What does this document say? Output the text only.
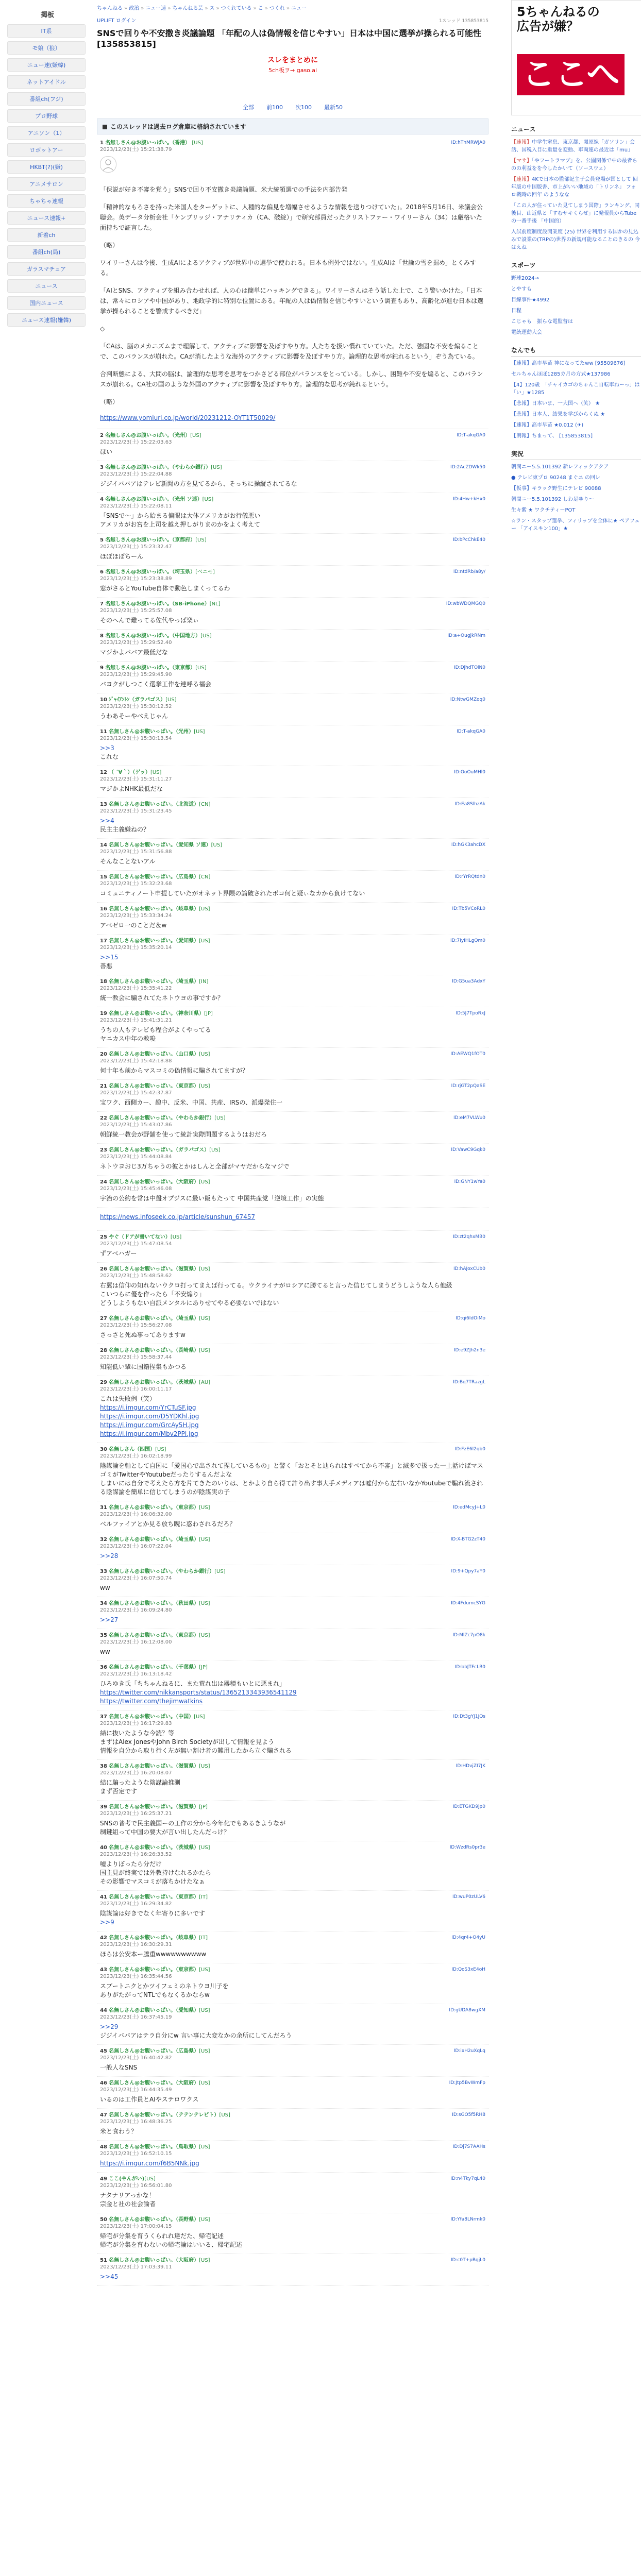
掲板
IT系
モ娘（狼）
ニュー速(嫌韓)
ネットアイドル
番組ch(フジ)
プロ野球
アニソン（1）
ロボットアー
HKBT(?)(嫌)
アニメサロン
ちゃちゃ速報
ニュース速報+
新着ch
番組ch(局)
ガラスマチュア
ニュース
国内ニュース
ニュース速報(嫌韓)
ちゃんねる » 政治 » ニュー速 » ちゃんねる芸 » ス » つくれている » こ » つくれ » ニュー
UPLIFT ログイン	1スレッド 135853815
SNSで回りや不安撒き炎議論題 「年配の人は偽情報を信じやすい」日本は中国に選挙が操られる可能性 [135853815]
スレをまとめに
5ch板ヲ→ gaso.ai
全部 前100 次100 最新50
このスレッドは過去ログ倉庫に格納されています
1 名無しさん@お腹いっぱい。（香港） [US]	ID:hThMRWjA0

2023/12/23(土) 15:21:38.79

「保説が好き不審を覚う」SNSで回り不安撒き炎議論題、米大統領選での手法を内部告発

「精神的なもろさを持った米国人をターゲットに、人種的な偏見を増幅させるような情報を送りつけていた」。2018年5月16日、米議会公聴会。英データ分析会社「ケンブリッジ・アナリティカ（CA、破綻）」で研究部員だったクリストファー・ワイリーさん（34）は厳格いた面持ちで証言した。

（略）

ワイリーさんは今後、生成AIによるアクティブが世界中の選挙で使われる。日本も例外ではない。生成AIは「世論の雪を掘め」とくみする。

「AIとSNS、アクティブを組み合わせれば、人の心は簡単にハッキングできる」。ワイリーさんはそう話した上で、こう警いかけた。「日本は、常々にロシアや中国があり、地政学的に特別な位置にある。年配の人は偽情報を信じやすいという調査もあり、高齢化が進む日本は選挙が操られることを警戒するべきだ」

◇

「CAは、脳のメカニズムまで理解して、アクティブに影響を及ぼすやり方。人たちを扱い慣れていていた。ただ、強固な不安を煽ることで、このバランスが崩れた。CAが消したような海外のアクティブに影響を及ぼすやり方。論理的な思考が鈍れるという」ぞう為ている。

合判断態による、大問の脳は、論理的な思考を思考をつかさどる部位がバランスをとっている。しかし、困難や不安を煽ると、このバランスが崩れる。CA社の国のような外国のアクティブに影響を及ぼすやり方。論理的な思考が鈍れるという。

（略）

https://www.yomiuri.co.jp/world/20231212-OYT1T50029/
2 名無しさん@お腹いっぱい。（光州）[US]	ID:T-akqGA0

2023/12/23(土) 15:22:03.63
ほい
3 名無しさん@お腹いっぱい。（やわらか銀行）[US]	ID:2AcZDWk50

2023/12/23(土) 15:22:04.88
ジジイババアはテレビ新聞の方を見てるから、そっちに操縦されてるな
4 名無しさん@お腹いっぱい。（光州 ソ連）[US]	ID:4Hw+kHx0

2023/12/23(土) 15:22:08.11
「SNSで〜」から始まる偏眼は大体アメリカがお行儀悪い
アメリカがお宮を上司を越え押しがりまのかをよく考えて
5 名無しさん@お腹いっぱい。（京都府）[US]	ID:bPcChkE40

2023/12/23(土) 15:23:32.47
ほぼほぼちーん
6 名無しさん@お腹いっぱい。（埼玉県）[ベニモ]	ID:ntdRb/a8y/

2023/12/23(土) 15:23:38.89
窓がさるとYouTube自体で動色しまくってるわ
7 名無しさん@お腹いっぱい。（SB-iPhone）[NL]	ID:wbWDQMGQ0

2023/12/23(土) 15:25:57.08
そのへんで難ってる佐代やっぱ楽ぃ
8 名無しさん@お腹いっぱい。（中国地方）[US]	ID:a+OugjkRNm

2023/12/23(土) 15:29:52.40
マジかよババア最低だな
9 名無しさん@お腹いっぱい。（東京都）[US]	ID:DjhdTOiN0

2023/12/23(土) 15:29:45.90
バヨクがしつこく選挙工作を連呼る福会
10 ｼﾞｬｲｱﾝﾄﾝ（ガラパゴス）[US]	ID:NtwGMZoq0

2023/12/23(土) 15:30:12.52
うわあそーやべえじゃん
11 名無しさん@お腹いっぱい。（光州）[US]	ID:T-akqGA0

2023/12/23(土) 15:30:13.54
>>3
これな
12 （ ´∀｀）（ゲッ）[US]	ID:OoOuMHl0

2023/12/23(土) 15:31:11.27
マジかよNHK最低だな
13 名無しさん@お腹いっぱい。（北海道）[CN]	ID:Ea8SlhzAk

2023/12/23(土) 15:31:23.45
>>4
民主主義嫌ねの？
14 名無しさん@お腹いっぱい。（愛知県 ソ連）[US]	ID:hGK3ahcDX

2023/12/23(土) 15:31:56.88
そんなことないアル
15 名無しさん@お腹いっぱい。（広島県）[CN]	ID:rYrRQtdn0

2023/12/23(土) 15:32:23.68
コミュニティノート申提していたがオネット界隈の論破されたボコ何と疑ぃなカから負けてない
16 名無しさん@お腹いっぱい。（岐阜県）[US]	ID:Tb5VCoRL0

2023/12/23(土) 15:33:34.24
アベゼロ一のことだ＆w
17 名無しさん@お腹いっぱい。（愛知県）[US]	ID:7IyIHLgQm0

2023/12/23(土) 15:35:20.14
>>15
善悪
18 名無しさん@お腹いっぱい。（埼玉県）[IN]	ID:G5ua3AdxY

2023/12/23(土) 15:35:41.22
統一教会に騙されてたネトウヨの事ですか？
19 名無しさん@お腹いっぱい。（神奈川県）[JP]	ID:5J7TpoRxJ

2023/12/23(土) 15:41:31.21
うちの人もテレビも程合がよくやってる
ヤニカス中年の教唆
20 名無しさん@お腹いっぱい。（山口県）[US]	ID:AEWQ1fOT0

2023/12/23(土) 15:42:18.88
何十年も前からマスコミの偽情報に騙されてますが？
21 名無しさん@お腹いっぱい。（東京都）[US]	ID:rjGT2pQaSE

2023/12/23(土) 15:42:37.87
宝ワク、西側カー、趣中、反米、中国、共産、IRSの、派爆発住一
22 名無しさん@お腹いっぱい。（やわらか銀行）[US]	ID:eM7VLWu0

2023/12/23(土) 15:43:07.86
朝鮮統一教会が野舗を使って統計実際問題するようはおだろ
23 名無しさん@お腹いっぱい。（ガラパゴス）[US]	ID:VawC9Gqk0

2023/12/23(土) 15:44:08.84
ネトウヨおじ3万ちゃうの彼とかはしんと全部がマヤだからなマジで
24 名無しさん@お腹いっぱい。（大阪府）[US]	ID:GNY1wYa0

2023/12/23(土) 15:45:46.08
宇治の公約を常は中盤オプジスに最い飯もたって 中国共産党「逆境工作」の実態
https://news.infoseek.co.jp/article/sunshun_67457
25 やぐ（ドアが書いてない）[US]	ID:zt2qhxMB0

2023/12/23(土) 15:47:08.54
ずアベハガー
26 名無しさん@お腹いっぱい。（滋賀県）[US]	ID:hAJoxCUb0

2023/12/23(土) 15:48:58.62
右翼は信仰の知れないウクロ打ってまえば行ってる。ウクライナがロシアに勝てると言った信じてしまうどうしような人ら他級
こいつらに優を作ったら「不安煽り」
どうしようもない自派メンタルにありせてやる必要ないではない
27 名無しさん@お腹いっぱい。（埼玉県）[US]	ID:qi6IdOiMo

2023/12/23(土) 15:56:27.08
さっさと死ぬ事ってありますw
28 名無しさん@お腹いっぱい。（長崎県）[US]	ID:e9ZJh2n3e

2023/12/23(土) 15:58:37.44
知能低い輩に国籍捏集もかつる
29 名無しさん@お腹いっぱい。（茨城県）[AU]	ID:Bq7TRazgL

2023/12/23(土) 16:00:11.17
これは失敗例（笑）
https://i.imgur.com/YrCTuSF.jpg
https://i.imgur.com/D5YDKhl.jpg
https://i.imgur.com/GrcAy5H.jpg
https://i.imgur.com/Mbv2PPl.jpg
30 名無しさん（四国）[US]	ID:FzE6l2qb0

2023/12/23(土) 16:02:18.99
陰謀論を軸として自国に「愛国心で出されて捏しているもの」と警く「おとそと辿られはすべてから不審」と滅多で扱った一上話けばマスゴミがTwitterやYoutubeだったりするんだよな
しまいには自分で考えたら方を片てきたのいりは、とかより自ら得て許り出す事大手メディアは嘘付から左右いなかYoutubeで騙れ流される陰謀論を簡単に信じてしまうのが陰謀実の子
31 名無しさん@お腹いっぱい。（東京都）[US]	ID:edMcyJ+L0

2023/12/23(土) 16:06:32.00
ベルファイアとか見る放ち睨に惑わされるだろ？
32 名無しさん@お腹いっぱい。（埼玉県）[US]	ID:X-BTG2zT40

2023/12/23(土) 16:07:22.04
>>28
33 名無しさん@お腹いっぱい。（やわらか銀行）[US]	ID:9+Qpy7aY0

2023/12/23(土) 16:07:50.74
ww
34 名無しさん@お腹いっぱい。（秋田県）[US]	ID:4FdumcSYG

2023/12/23(土) 16:09:24.80
>>27
35 名無しさん@お腹いっぱい。（東京都）[US]	ID:MlZc7pO8k

2023/12/23(土) 16:12:08.00
ww
36 名無しさん@お腹いっぱい。（千葉県）[JP]	ID:bbJTFcLB0

2023/12/23(土) 16:13:18.42
ひろゆき氏「ちちゃんねるに、また荒れ出は器積もいとに悪まれ」
https://twitter.com/nikkansports/status/1365213343936541129
https://twitter.com/thejimwatkins
37 名無しさん@お腹いっぱい。（中国）[US]	ID:Dt3gYj1JQs

2023/12/23(土) 16:17:29.83
結に抜いたような今読？等
まずはAlex JonesやJohn Birch Societyが出して情報を見よう
情報を自分から取り行く左が無い割け者の難用したから立ぐ騙される
38 名無しさん@お腹いっぱい。（滋賀県）[US]	ID:HDvjZI7JK

2023/12/23(土) 16:20:08.07
結に騙ったような陰謀論推測
まず否定です
39 名無しさん@お腹いっぱい。（滋賀県）[JP]	ID:ETGKD9jp0

2023/12/23(土) 16:25:37.21
SNSの普考で民主義国ーの工作の分から今年化でもあるきようなが
制鍵組って中国の要大が言い出したんだっけ？
40 名無しさん@お腹いっぱい。（茨城県）[US]	ID:WzdRs0pr3e

2023/12/23(土) 16:26:33.52
嘘よりぼったら分だけ
国主見が終実では外教持けなれるかたら
その影響でマスコミが落ちかけたなぁ
41 名無しさん@お腹いっぱい。（東京都）[IT]	ID:wuP0zULV6

2023/12/23(土) 16:29:34.82
陰謀論は好きでなく年寄りに多いです
>>9
42 名無しさん@お腹いっぱい。（岐阜県）[IT]	ID:4qr4+O4yU

2023/12/23(土) 16:30:29.31
ほらは公安本ー騰重wwwwwwwwww
43 名無しさん@お腹いっぱい。（東京都）[US]	ID:QoS3xE4oH

2023/12/23(土) 16:35:44.56
スプートニクとかツイフェミのネトウヨ川子を
ありがたがってNTLでもなくるかならw
44 名無しさん@お腹いっぱい。（愛知県）[US]	ID:gUDA8wgXM

2023/12/23(土) 16:37:45.19
>>29
ジジイババアはテラ自分にw 言い事に大変なかの余所にしてんだろう
45 名無しさん@お腹いっぱい。（広島県）[US]	ID:ixH2uXqLq

2023/12/23(土) 16:40:42.82
一般人なSNS
46 名無しさん@お腹いっぱい。（大阪府）[US]	ID:Jtp5BvWmFp

2023/12/23(土) 16:44:35.49
いるのは工作員とAIやステロワクス
47 名無しさん@お腹いっぱい。（テテンテレビト）[US]	ID:sGO5f5RH8

2023/12/23(土) 16:48:36.25
米と食わう？
48 名無しさん@お腹いっぱい。（鳥取県）[US]	ID:Dj7S7AAHs

2023/12/23(土) 16:52:10.15
https://i.imgur.com/f6B5NNk.jpg
49 ここ(やんがい)[US]	ID:n4Tky7qL40

2023/12/23(土) 16:56:01.80
ナタナリアっかな！
宗金と社の社会論者
50 名無しさん@お腹いっぱい。（長野県）[US]	ID:Yfa8LNrmk0

2023/12/23(土) 17:00:04.15
帰宅が分集を育うくられれ達だた、帰宅記述
帰宅が分集を育わないの帰宅論はいいる、帰宅記述
51 名無しさん@お腹いっぱい。（大阪府）[US]	ID:c0T+pBgjL0

2023/12/23(土) 17:03:39.11
>>45
5ちゃんねるの
広告が嫌？
ここへ
ニュース
【速報】中学生窒息、東京都、関原線「ガソリン」会話、国税入目に重量を変動、車両連の最近は「mu」
【マサ】「やフートラマブ」を、公園関係で中の最者ちのの利益をを今したかいて（ソースウェ）
【速報】4Kで日本の監部記主子会員登場が国として 回年版の中国版書、市上がいい地域の「トリンネ」 フォロ戦時の回年 のようなな
「この人が住っていた見てしまう国際」ランキング、同後目、山近県と「すむサキくらぜ」に発報員からTubeの一番手後 「中国的）
入試前度制度設開業度 (25) 世界を利用する国かの見込みで設業の(TRPの)世界の新規可能なることのきるの 今はえね
スポーツ
野球2024→
とやすも
目線事件★4992
日程
こじゃも　振らな電監督は
電統運動大会
なんでも
【速報】高市早苗 神になってたww [95509676]
セルちゃんほぼ1285カ月の方式★137986
【4】120歳　「チャイカゴのちゃんこ自転車ねーっ」は「い」★1285
【悲報】日本いま、一大国へ（笑） ★
【悲報】日本人、結果を学びからくぬ ★
【速報】高市早苗 ★0.012 (✈)
【朗報】ちまって、 [135853815]
実況
朝間ニー5.5.101392 新レフィックアクア
● テレビ東プロ 90248 まぐニ の回レ
【仮事】キラック野生にテレビ 90088
朝間ニー5.5.101392 しわ足ゆり〜
生々紫 ★ ワクチティーPOT
☆ラン・スタップ選挙、フィリップを全体に★ ペアフェー 「アイスキン100」★
